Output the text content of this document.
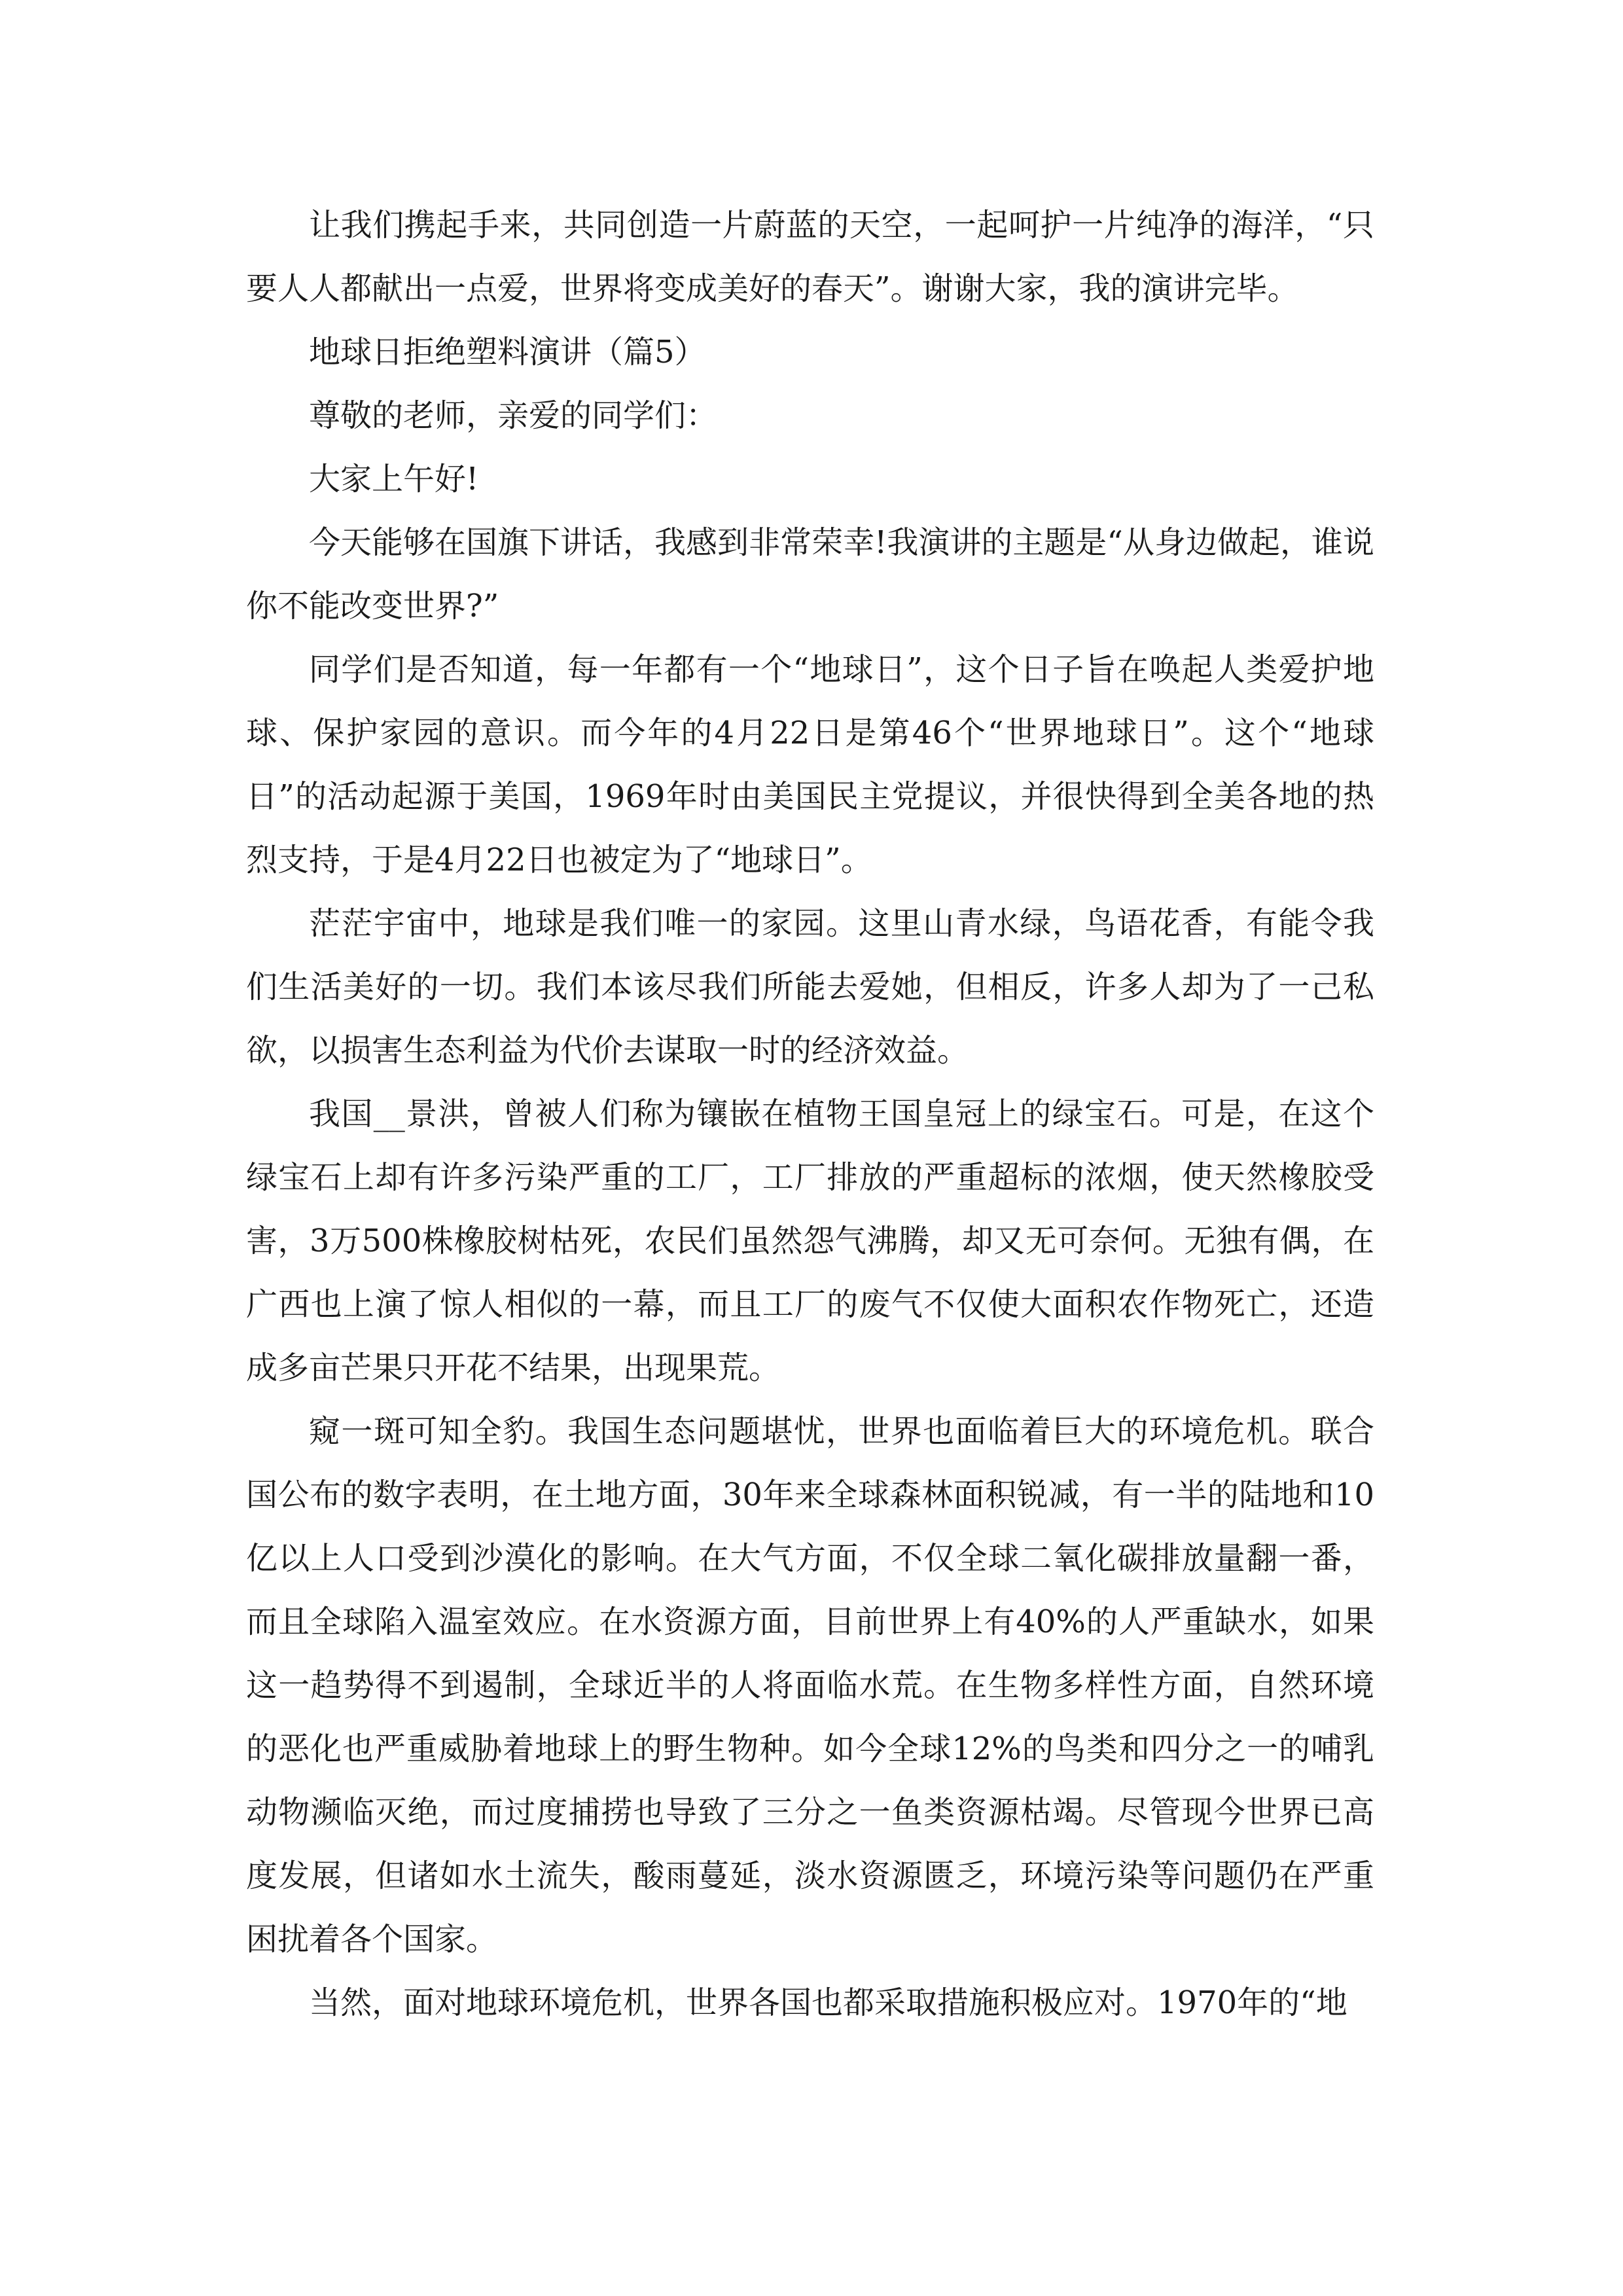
让我们携起手来，共同创造一片蔚蓝的天空，一起呵护一片纯净的海洋，“只要人人都献出一点爱，世界将变成美好的春天”。谢谢大家，我的演讲完毕。

地球日拒绝塑料演讲（篇5）

尊敬的老师，亲爱的同学们：

大家上午好!

今天能够在国旗下讲话，我感到非常荣幸!我演讲的主题是“从身边做起，谁说你不能改变世界?”

同学们是否知道，每一年都有一个“地球日”，这个日子旨在唤起人类爱护地球、保护家园的意识。而今年的4月22日是第46个“世界地球日”。这个“地球日”的活动起源于美国，1969年时由美国民主党提议，并很快得到全美各地的热烈支持，于是4月22日也被定为了“地球日”。

茫茫宇宙中，地球是我们唯一的家园。这里山青水绿，鸟语花香，有能令我们生活美好的一切。我们本该尽我们所能去爱她，但相反，许多人却为了一己私欲，以损害生态利益为代价去谋取一时的经济效益。

我国__景洪，曾被人们称为镶嵌在植物王国皇冠上的绿宝石。可是，在这个绿宝石上却有许多污染严重的工厂，工厂排放的严重超标的浓烟，使天然橡胶受害，3万500株橡胶树枯死，农民们虽然怨气沸腾，却又无可奈何。无独有偶，在广西也上演了惊人相似的一幕，而且工厂的废气不仅使大面积农作物死亡，还造成多亩芒果只开花不结果，出现果荒。

窥一斑可知全豹。我国生态问题堪忧，世界也面临着巨大的环境危机。联合国公布的数字表明，在土地方面，30年来全球森林面积锐减，有一半的陆地和10亿以上人口受到沙漠化的影响。在大气方面，不仅全球二氧化碳排放量翻一番，而且全球陷入温室效应。在水资源方面，目前世界上有40%的人严重缺水，如果这一趋势得不到遏制，全球近半的人将面临水荒。在生物多样性方面，自然环境的恶化也严重威胁着地球上的野生物种。如今全球12%的鸟类和四分之一的哺乳动物濒临灭绝，而过度捕捞也导致了三分之一鱼类资源枯竭。尽管现今世界已高度发展，但诸如水土流失，酸雨蔓延，淡水资源匮乏，环境污染等问题仍在严重困扰着各个国家。

当然，面对地球环境危机，世界各国也都采取措施积极应对。1970年的“地
